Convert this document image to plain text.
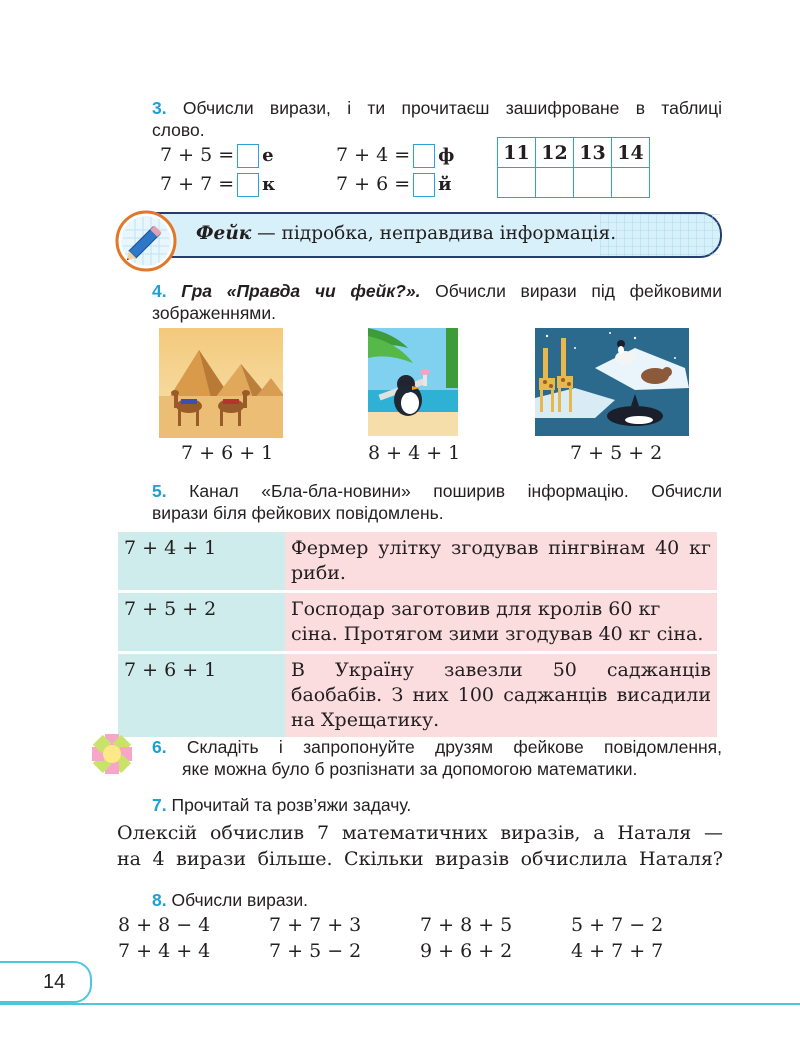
3. Обчисли вирази, і ти прочитаєш зашифроване в таблиці
слово.
7 + 5 = е
7 + 7 = к
7 + 4 = ф
7 + 6 = й
11	12	13	14

Фейк — підробка, неправдива інформація.
4. Гра «Правда чи фейк?». Обчисли вирази під фейковими
зображеннями.
7 + 6 + 1	8 + 4 + 1	7 + 5 + 2
5. Канал «Бла-бла-новини» поширив інформацію. Обчисли
вирази біля фейкових повідомлень.
7 + 4 + 1	Фермер улітку згодував пінгвінам 40 кг риби.
7 + 5 + 2	Господар заготовив для кролів 60 кг сіна. Протягом зими згодував 40 кг сіна.
7 + 6 + 1	В Україну завезли 50 саджанців баобабів. З них 100 саджанців висадили на Хрещатику.
6. Складіть і запропонуйте друзям фейкове повідомлення,
яке можна було б розпізнати за допомогою математики.
7. Прочитай та розв’яжи задачу.
Олексій обчислив 7 математичних виразів, а Наталя —
на 4 вирази більше. Скільки виразів обчислила Наталя?
8. Обчисли вирази.
8 + 8 − 4	7 + 7 + 3	7 + 8 + 5	5 + 7 − 2
7 + 4 + 4	7 + 5 − 2	9 + 6 + 2	4 + 7 + 7
14
